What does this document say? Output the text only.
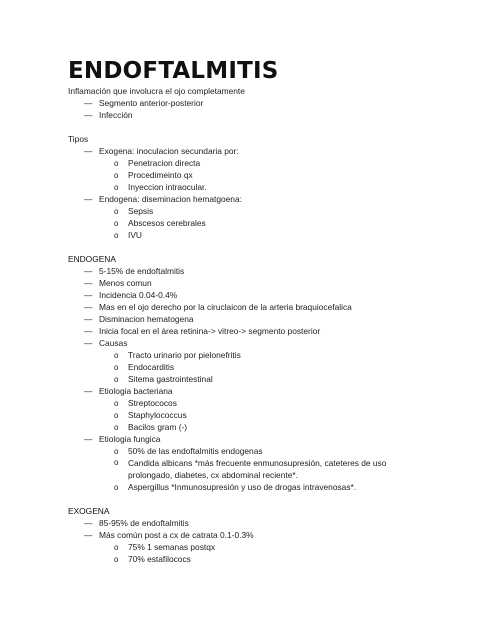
ENDOFTALMITIS
Inflamación que involucra el ojo completamente
— Segmento anterior-posterior
— Infección
Tipos
— Exogena: inoculacion secundaria por:
o Penetracion directa
o Procedimeinto qx
o Inyeccion intraocular.
— Endogena: diseminacion hematgoena:
o Sepsis
o Abscesos cerebrales
o IVU
ENDOGENA
— 5-15% de endoftalmitis
— Menos comun
— Incidencia 0.04-0.4%
— Mas en el ojo derecho por la ciruclaicon de la arteria braquiocefalica
— Disminacion hematogena
— Inicia focal en el área retinina-> vitreo-> segmento posterior
— Causas
o Tracto urinario por pielonefritis
o Endocarditis
o Sitema gastrointestinal
— Etiologia bacteriana
o Streptococos
o Staphylococcus
o Bacilos gram (-)
— Etiologia fungica
o 50% de las endoftalmitis endogenas
o	Candida albicans *más frecuente enmunosupresión, cateteres de uso prolongado, diabetes, cx abdominal reciente*.
o Aspergillus *Inmunosupresión y uso de drogas intravenosas*.
EXOGENA
— 85-95% de endoftalmitis
— Más común post a cx de catrata 0.1-0.3%
o 75% 1 semanas postqx
o 70% estafilococs
